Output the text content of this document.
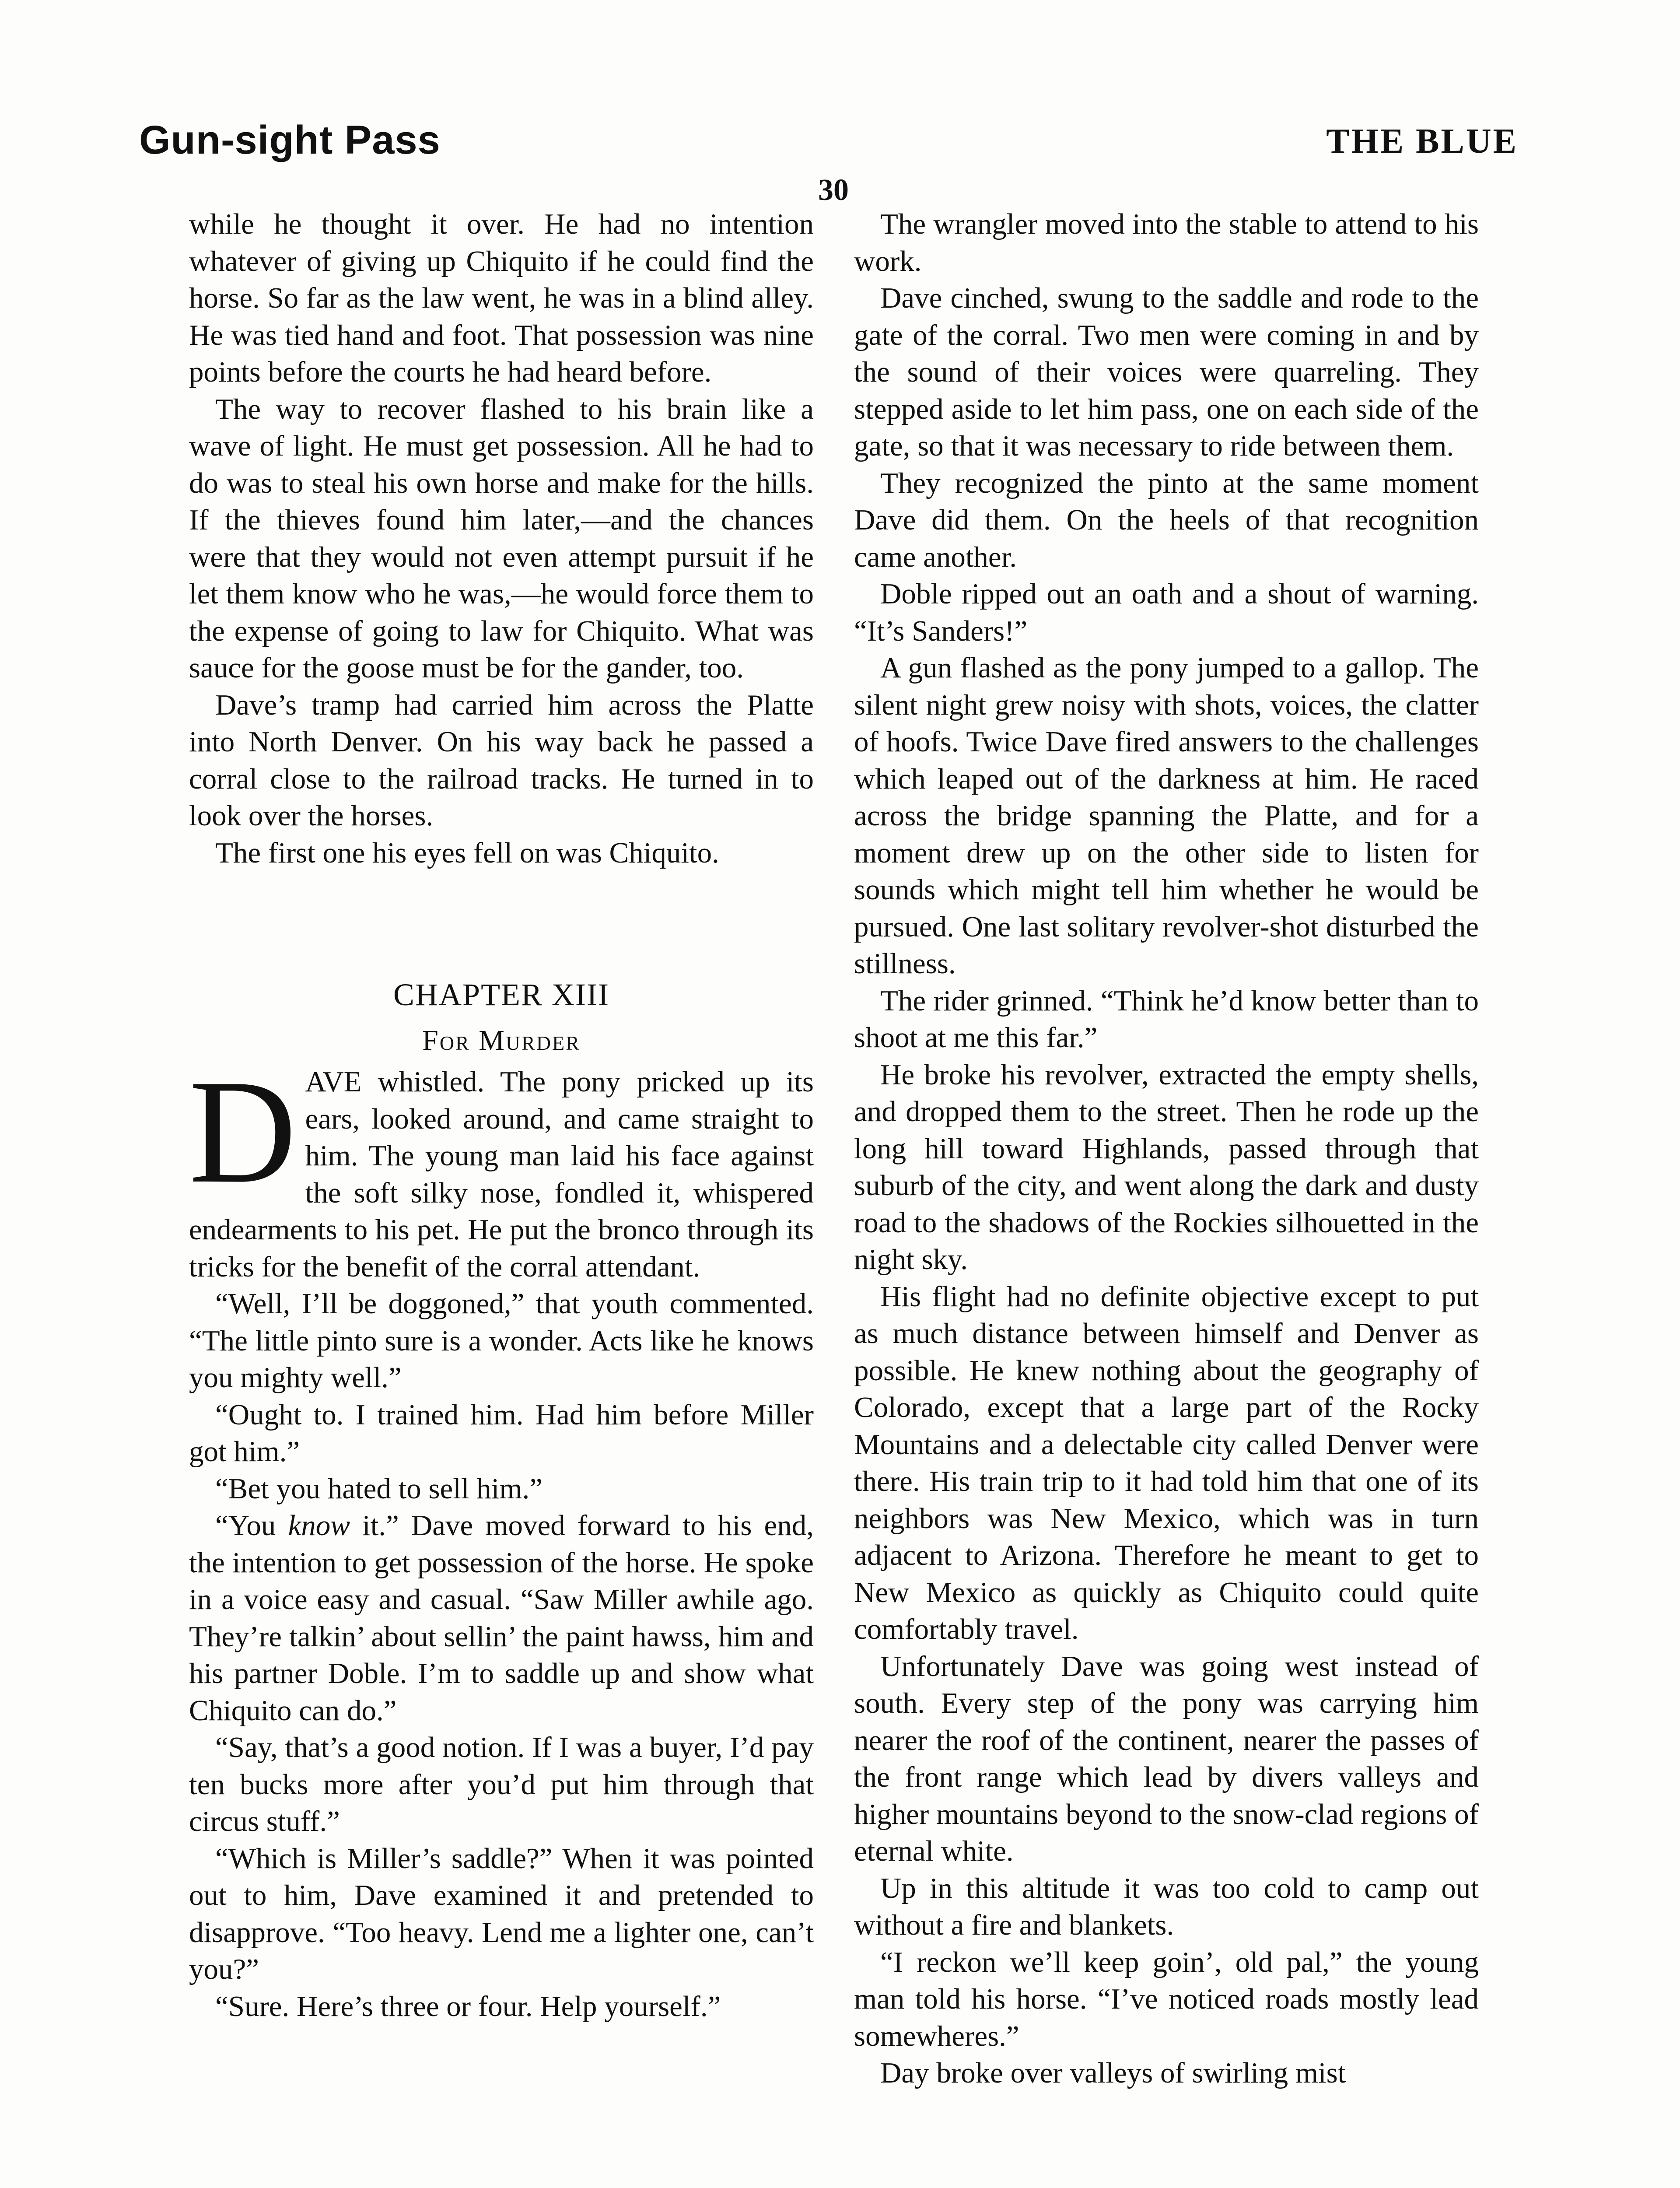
Gun-sight Pass	THE BLUE
30

while he thought it over. He had no intention whatever of giving up Chiquito if he could find the horse. So far as the law went, he was in a blind alley. He was tied hand and foot. That possession was nine points before the courts he had heard before.

The way to recover flashed to his brain like a wave of light. He must get possession. All he had to do was to steal his own horse and make for the hills. If the thieves found him later,—and the chances were that they would not even attempt pursuit if he let them know who he was,—he would force them to the expense of going to law for Chiquito. What was sauce for the goose must be for the gander, too.

Dave’s tramp had carried him across the Platte into North Denver. On his way back he passed a corral close to the railroad tracks. He turned in to look over the horses.

The first one his eyes fell on was Chiquito.

CHAPTER XIII
For Murder

DAVE whistled. The pony pricked up its ears, looked around, and came straight to him. The young man laid his face against the soft silky nose, fondled it, whispered endearments to his pet. He put the bronco through its tricks for the benefit of the corral attendant.

“Well, I’ll be doggoned,” that youth commented. “The little pinto sure is a wonder. Acts like he knows you mighty well.”

“Ought to. I trained him. Had him before Miller got him.”

“Bet you hated to sell him.”

“You know it.” Dave moved forward to his end, the intention to get possession of the horse. He spoke in a voice easy and casual. “Saw Miller awhile ago. They’re talkin’ about sellin’ the paint hawss, him and his partner Doble. I’m to saddle up and show what Chiquito can do.”

“Say, that’s a good notion. If I was a buyer, I’d pay ten bucks more after you’d put him through that circus stuff.”

“Which is Miller’s saddle?” When it was pointed out to him, Dave examined it and pretended to disapprove. “Too heavy. Lend me a lighter one, can’t you?”

“Sure. Here’s three or four. Help yourself.”

The wrangler moved into the stable to attend to his work.

Dave cinched, swung to the saddle and rode to the gate of the corral. Two men were coming in and by the sound of their voices were quarreling. They stepped aside to let him pass, one on each side of the gate, so that it was necessary to ride between them.

They recognized the pinto at the same moment Dave did them. On the heels of that recognition came another.

Doble ripped out an oath and a shout of warning. “It’s Sanders!”

A gun flashed as the pony jumped to a gallop. The silent night grew noisy with shots, voices, the clatter of hoofs. Twice Dave fired answers to the challenges which leaped out of the darkness at him. He raced across the bridge spanning the Platte, and for a moment drew up on the other side to listen for sounds which might tell him whether he would be pursued. One last solitary revolver-shot disturbed the stillness.

The rider grinned. “Think he’d know better than to shoot at me this far.”

He broke his revolver, extracted the empty shells, and dropped them to the street. Then he rode up the long hill toward Highlands, passed through that suburb of the city, and went along the dark and dusty road to the shadows of the Rockies silhouetted in the night sky.

His flight had no definite objective except to put as much distance between himself and Denver as possible. He knew nothing about the geography of Colorado, except that a large part of the Rocky Mountains and a delectable city called Denver were there. His train trip to it had told him that one of its neighbors was New Mexico, which was in turn adjacent to Arizona. Therefore he meant to get to New Mexico as quickly as Chiquito could quite comfortably travel.

Unfortunately Dave was going west instead of south. Every step of the pony was carrying him nearer the roof of the continent, nearer the passes of the front range which lead by divers valleys and higher mountains beyond to the snow-clad regions of eternal white.

Up in this altitude it was too cold to camp out without a fire and blankets.

“I reckon we’ll keep goin’, old pal,” the young man told his horse. “I’ve noticed roads mostly lead somewheres.”

Day broke over valleys of swirling mist
